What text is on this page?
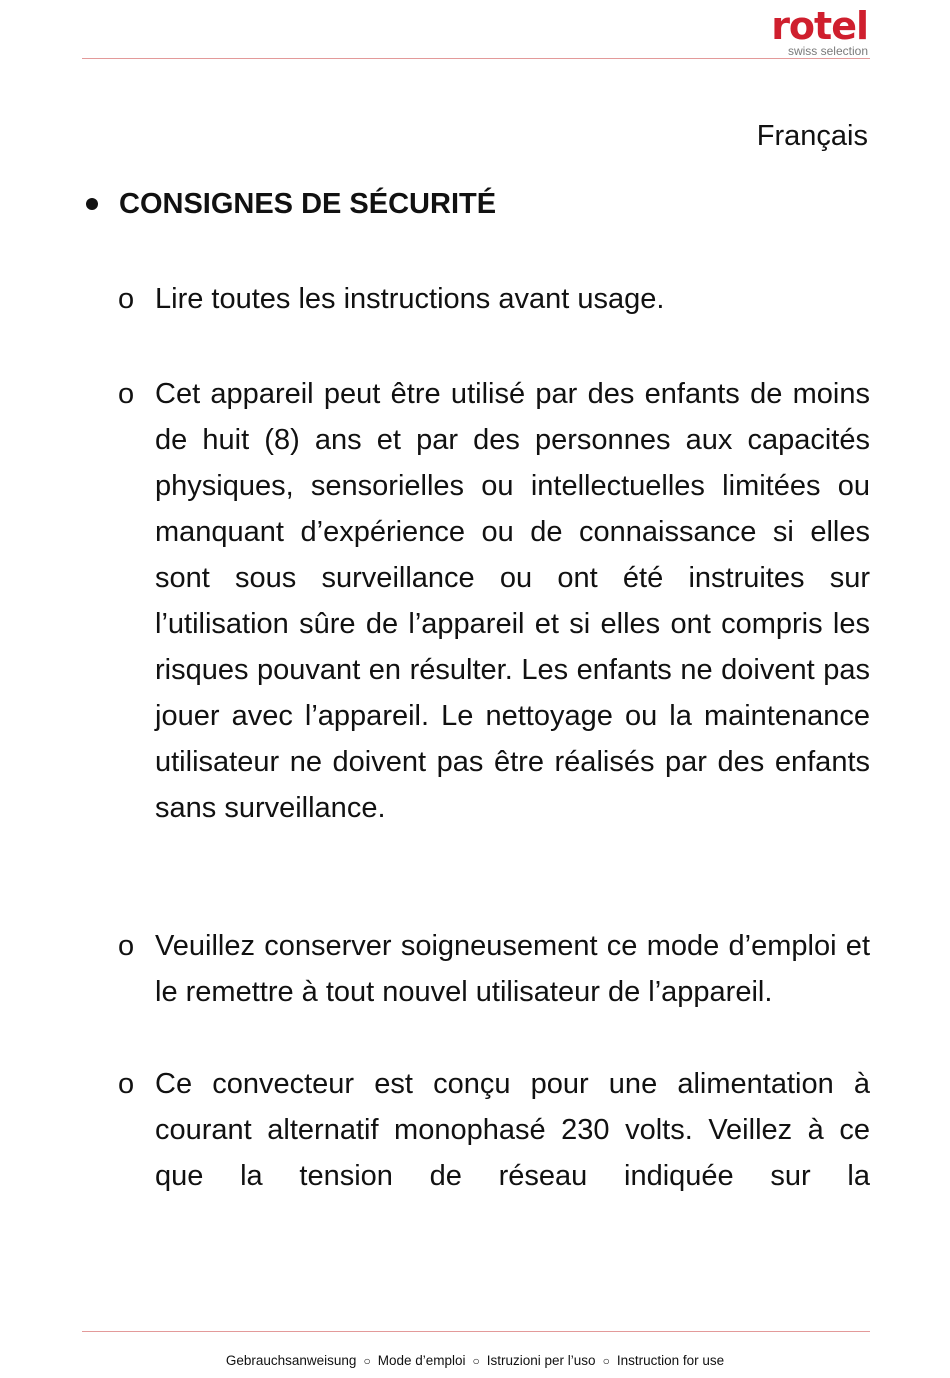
rotel
swiss selection
Français
CONSIGNES DE SÉCURITÉ
o Lire toutes les instructions avant usage.
o Cet appareil peut être utilisé par des enfants de moins de huit (8) ans et par des personnes aux capacités physiques, sensorielles ou intellectuelles limitées ou manquant d’expérience ou de connaissance si elles sont sous surveillance ou ont été instruites sur l’utilisation sûre de l’appareil et si elles ont compris les risques pouvant en résulter. Les enfants ne doivent pas jouer avec l’appareil. Le nettoyage ou la maintenance utilisateur ne doivent pas être réalisés par des enfants sans surveillance.
o Veuillez conserver soigneusement ce mode d’emploi et le remettre à tout nouvel utilisateur de l’appareil.
o Ce convecteur est conçu pour une alimentation à courant alternatif monophasé 230 volts. Veillez à ce que la tension de réseau indiquée sur la
Gebrauchsanweisung ○ Mode d’emploi ○ Istruzioni per l’uso ○ Instruction for use
